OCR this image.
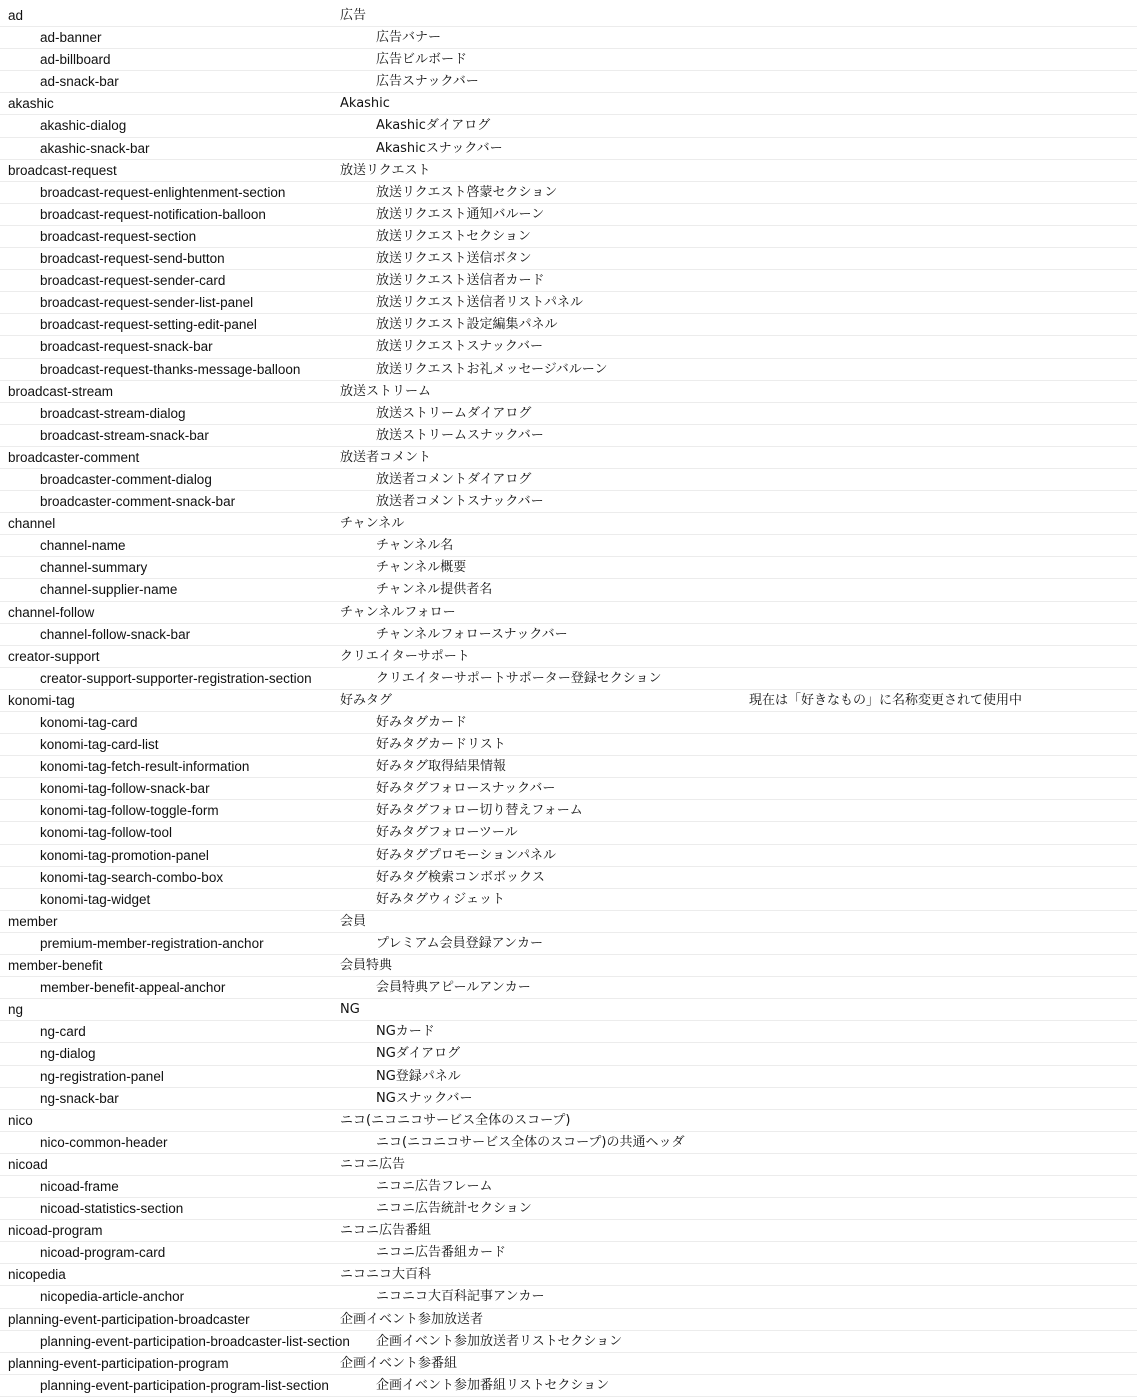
ad	広告
ad-banner	広告バナー
ad-billboard	広告ビルボード
ad-snack-bar	広告スナックバー
akashic	Akashic
akashic-dialog	Akashicダイアログ
akashic-snack-bar	Akashicスナックバー
broadcast-request	放送リクエスト
broadcast-request-enlightenment-section	放送リクエスト啓蒙セクション
broadcast-request-notification-balloon	放送リクエスト通知バルーン
broadcast-request-section	放送リクエストセクション
broadcast-request-send-button	放送リクエスト送信ボタン
broadcast-request-sender-card	放送リクエスト送信者カード
broadcast-request-sender-list-panel	放送リクエスト送信者リストパネル
broadcast-request-setting-edit-panel	放送リクエスト設定編集パネル
broadcast-request-snack-bar	放送リクエストスナックバー
broadcast-request-thanks-message-balloon	放送リクエストお礼メッセージバルーン
broadcast-stream	放送ストリーム
broadcast-stream-dialog	放送ストリームダイアログ
broadcast-stream-snack-bar	放送ストリームスナックバー
broadcaster-comment	放送者コメント
broadcaster-comment-dialog	放送者コメントダイアログ
broadcaster-comment-snack-bar	放送者コメントスナックバー
channel	チャンネル
channel-name	チャンネル名
channel-summary	チャンネル概要
channel-supplier-name	チャンネル提供者名
channel-follow	チャンネルフォロー
channel-follow-snack-bar	チャンネルフォロースナックバー
creator-support	クリエイターサポート
creator-support-supporter-registration-section	クリエイターサポートサポーター登録セクション
konomi-tag	好みタグ	現在は「好きなもの」に名称変更されて使用中
konomi-tag-card	好みタグカード
konomi-tag-card-list	好みタグカードリスト
konomi-tag-fetch-result-information	好みタグ取得結果情報
konomi-tag-follow-snack-bar	好みタグフォロースナックバー
konomi-tag-follow-toggle-form	好みタグフォロー切り替えフォーム
konomi-tag-follow-tool	好みタグフォローツール
konomi-tag-promotion-panel	好みタグプロモーションパネル
konomi-tag-search-combo-box	好みタグ検索コンボボックス
konomi-tag-widget	好みタグウィジェット
member	会員
premium-member-registration-anchor	プレミアム会員登録アンカー
member-benefit	会員特典
member-benefit-appeal-anchor	会員特典アピールアンカー
ng	NG
ng-card	NGカード
ng-dialog	NGダイアログ
ng-registration-panel	NG登録パネル
ng-snack-bar	NGスナックバー
nico	ニコ(ニコニコサービス全体のスコープ)
nico-common-header	ニコ(ニコニコサービス全体のスコープ)の共通ヘッダ
nicoad	ニコニ広告
nicoad-frame	ニコニ広告フレーム
nicoad-statistics-section	ニコニ広告統計セクション
nicoad-program	ニコニ広告番組
nicoad-program-card	ニコニ広告番組カード
nicopedia	ニコニコ大百科
nicopedia-article-anchor	ニコニコ大百科記事アンカー
planning-event-participation-broadcaster	企画イベント参加放送者
planning-event-participation-broadcaster-list-section 企画イベント参加放送者リストセクション
planning-event-participation-program	企画イベント参番組
planning-event-participation-program-list-section	企画イベント参加番組リストセクション
